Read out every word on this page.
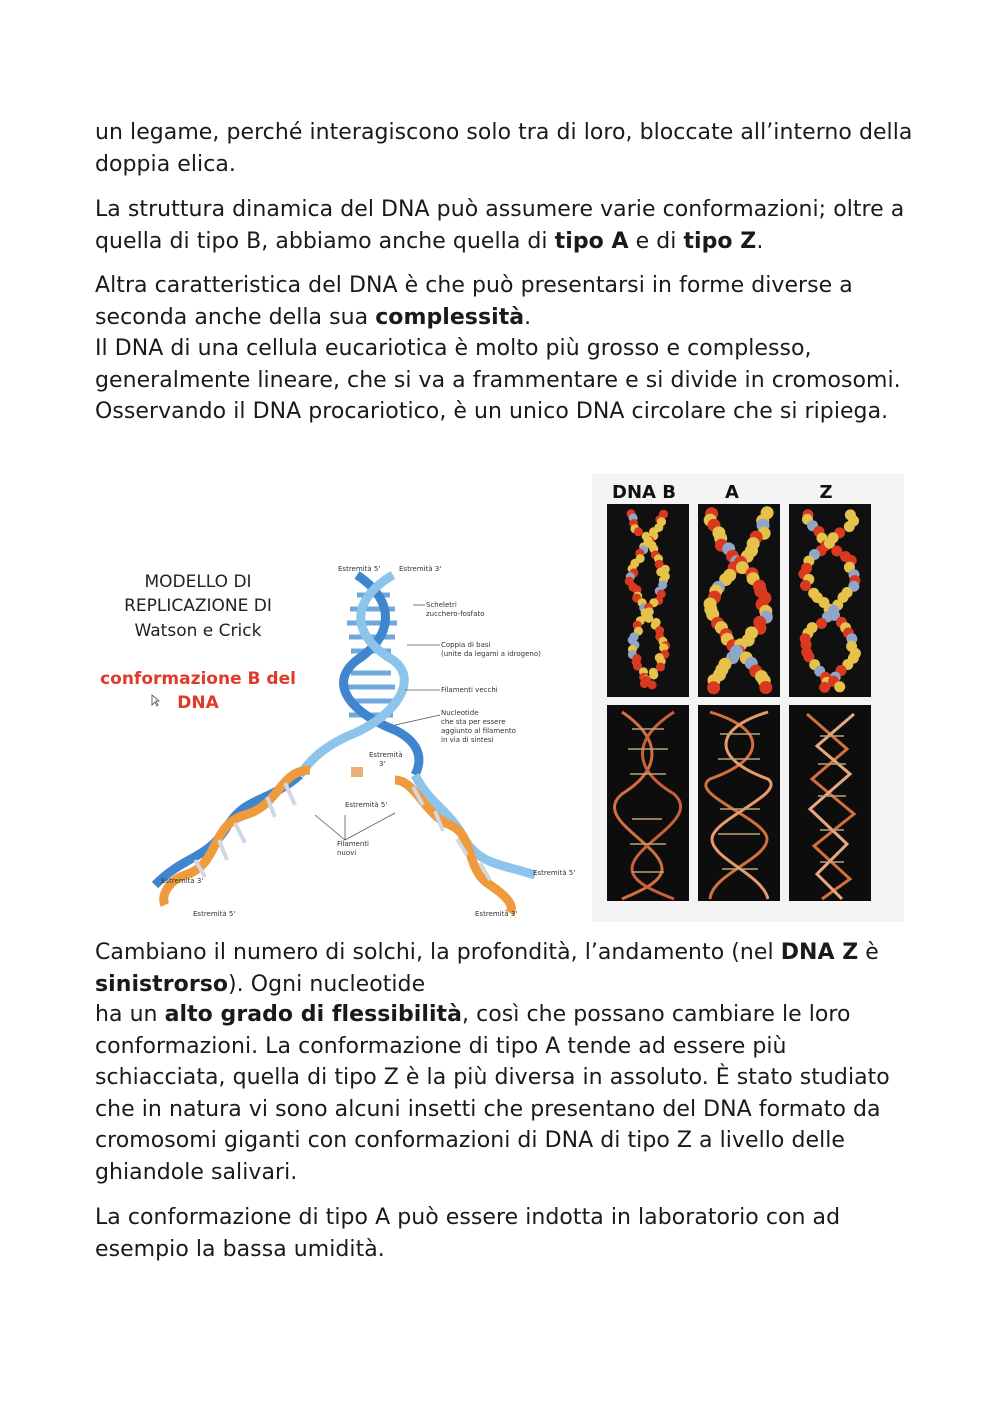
un legame, perché interagiscono solo tra di loro, bloccate all’interno della doppia elica.

La struttura dinamica del DNA può assumere varie conformazioni; oltre a quella di tipo B, abbiamo anche quella di tipo A e di tipo Z.

Altra caratteristica del DNA è che può presentarsi in forme diverse a seconda anche della sua complessità.

Il DNA di una cellula eucariotica è molto più grosso e complesso, generalmente lineare, che si va a frammentare e si divide in cromosomi. Osservando il DNA procariotico, è un unico DNA circolare che si ripiega.

MODELLO DI
REPLICAZIONE DI
Watson e Crick
conformazione B del
DNA
Estremità 5'	Estremità 3'
Scheletri
zucchero-fosfato
Coppia di basi
(unite da legami a idrogeno)
Filamenti vecchi
Nucleotide
che sta per essere
aggiunto al filamento
in via di sintesi
Estremità
3'
Estremità 5'
Filamenti
nuovi
Estremità 3'
Estremità 5'
Estremità 5'
Estremità 3'
DNA B	A	Z

Cambiano il numero di solchi, la profondità, l’andamento (nel DNA Z è sinistrorso). Ogni nucleotide

ha un alto grado di flessibilità, così che possano cambiare le loro conformazioni. La conformazione di tipo A tende ad essere più schiacciata, quella di tipo Z è la più diversa in assoluto. È stato studiato che in natura vi sono alcuni insetti che presentano del DNA formato da cromosomi giganti con conformazioni di DNA di tipo Z a livello delle ghiandole salivari.

La conformazione di tipo A può essere indotta in laboratorio con ad esempio la bassa umidità.
